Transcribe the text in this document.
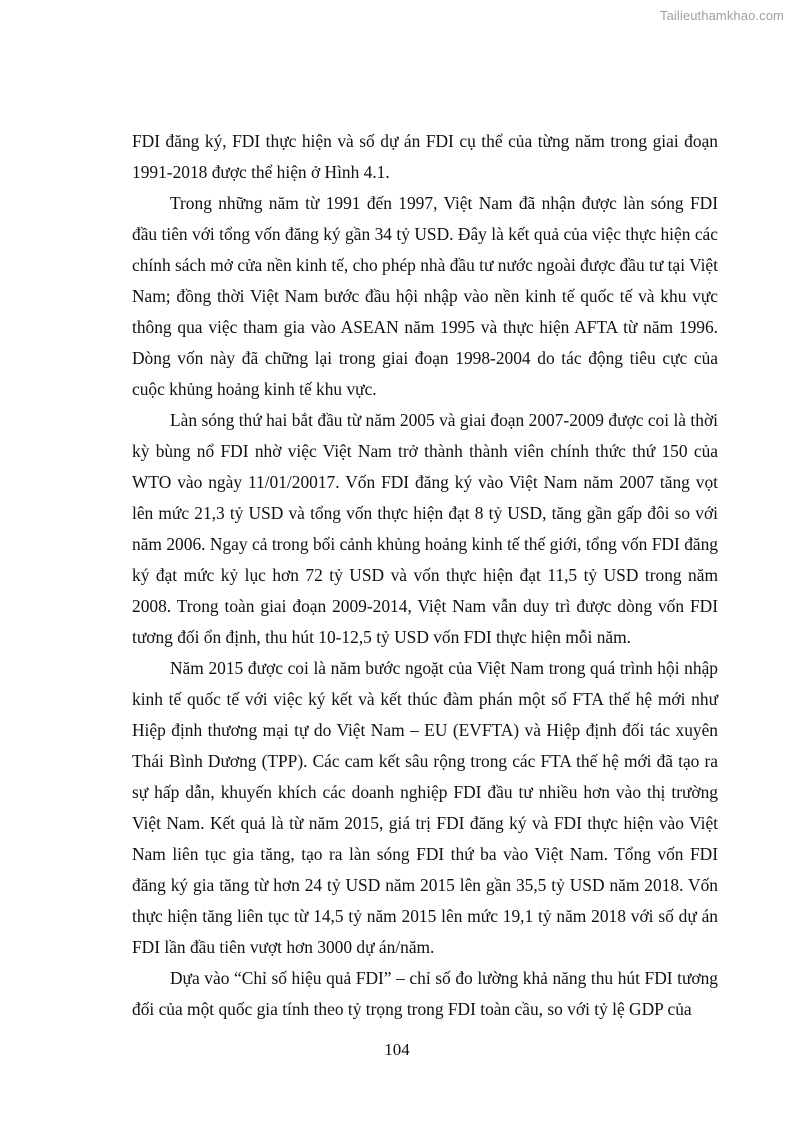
Tailieuthamkhao.com

FDI đăng ký, FDI thực hiện và số dự án FDI cụ thể của từng năm trong giai đoạn 1991-2018 được thể hiện ở Hình 4.1.

Trong những năm từ 1991 đến 1997, Việt Nam đã nhận được làn sóng FDI đầu tiên với tổng vốn đăng ký gần 34 tỷ USD. Đây là kết quả của việc thực hiện các chính sách mở cửa nền kinh tế, cho phép nhà đầu tư nước ngoài được đầu tư tại Việt Nam; đồng thời Việt Nam bước đầu hội nhập vào nền kinh tế quốc tế và khu vực thông qua việc tham gia vào ASEAN năm 1995 và thực hiện AFTA từ năm 1996. Dòng vốn này đã chững lại trong giai đoạn 1998-2004 do tác động tiêu cực của cuộc khủng hoảng kinh tế khu vực.

Làn sóng thứ hai bắt đầu từ năm 2005 và giai đoạn 2007-2009 được coi là thời kỳ bùng nổ FDI nhờ việc Việt Nam trở thành thành viên chính thức thứ 150 của WTO vào ngày 11/01/20017. Vốn FDI đăng ký vào Việt Nam năm 2007 tăng vọt lên mức 21,3 tỷ USD và tổng vốn thực hiện đạt 8 tỷ USD, tăng gần gấp đôi so với năm 2006. Ngay cả trong bối cảnh khủng hoảng kinh tế thế giới, tổng vốn FDI đăng ký đạt mức kỷ lục hơn 72 tỷ USD và vốn thực hiện đạt 11,5 tỷ USD trong năm 2008. Trong toàn giai đoạn 2009-2014, Việt Nam vẫn duy trì được dòng vốn FDI tương đối ổn định, thu hút 10-12,5 tỷ USD vốn FDI thực hiện mỗi năm.

Năm 2015 được coi là năm bước ngoặt của Việt Nam trong quá trình hội nhập kinh tế quốc tế với việc ký kết và kết thúc đàm phán một số FTA thế hệ mới như Hiệp định thương mại tự do Việt Nam – EU (EVFTA) và Hiệp định đối tác xuyên Thái Bình Dương (TPP). Các cam kết sâu rộng trong các FTA thế hệ mới đã tạo ra sự hấp dẫn, khuyến khích các doanh nghiệp FDI đầu tư nhiều hơn vào thị trường Việt Nam. Kết quả là từ năm 2015, giá trị FDI đăng ký và FDI thực hiện vào Việt Nam liên tục gia tăng, tạo ra làn sóng FDI thứ ba vào Việt Nam. Tổng vốn FDI đăng ký gia tăng từ hơn 24 tỷ USD năm 2015 lên gần 35,5 tỷ USD năm 2018. Vốn thực hiện tăng liên tục từ 14,5 tỷ năm 2015 lên mức 19,1 tỷ năm 2018 với số dự án FDI lần đầu tiên vượt hơn 3000 dự án/năm.

Dựa vào “Chỉ số hiệu quả FDI” – chỉ số đo lường khả năng thu hút FDI tương đối của một quốc gia tính theo tỷ trọng trong FDI toàn cầu, so với tỷ lệ GDP của

104
